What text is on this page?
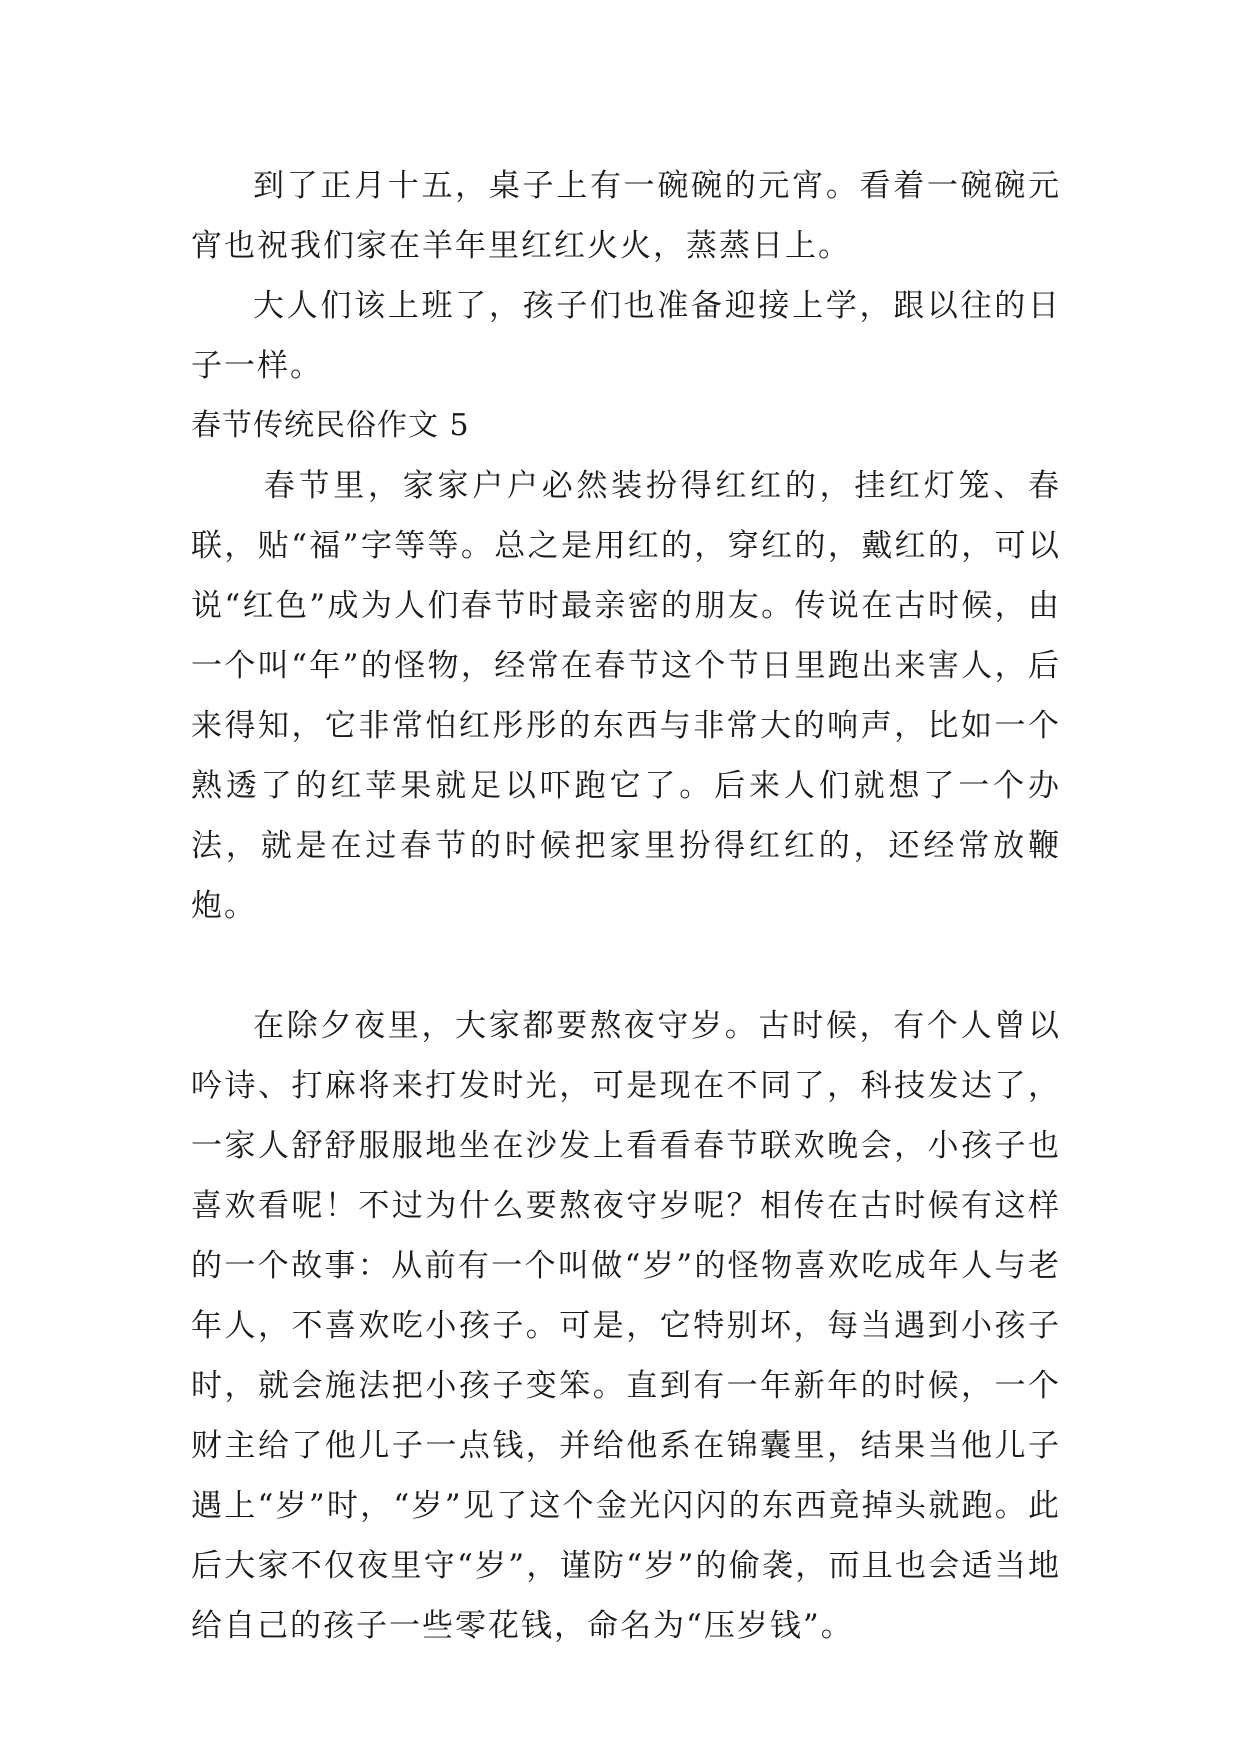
到了正月十五，桌子上有一碗碗的元宵。看着一碗碗元宵也祝我们家在羊年里红红火火，蒸蒸日上。

大人们该上班了，孩子们也准备迎接上学，跟以往的日子一样。

春节传统民俗作文 5

春节里，家家户户必然装扮得红红的，挂红灯笼、春联，贴“福”字等等。总之是用红的，穿红的，戴红的，可以说“红色”成为人们春节时最亲密的朋友。传说在古时候，由一个叫“年”的怪物，经常在春节这个节日里跑出来害人，后来得知，它非常怕红彤彤的东西与非常大的响声，比如一个熟透了的红苹果就足以吓跑它了。后来人们就想了一个办法，就是在过春节的时候把家里扮得红红的，还经常放鞭炮。

在除夕夜里，大家都要熬夜守岁。古时候，有个人曾以吟诗、打麻将来打发时光，可是现在不同了，科技发达了，一家人舒舒服服地坐在沙发上看看春节联欢晚会，小孩子也喜欢看呢！不过为什么要熬夜守岁呢？相传在古时候有这样的一个故事：从前有一个叫做“岁”的怪物喜欢吃成年人与老年人，不喜欢吃小孩子。可是，它特别坏，每当遇到小孩子时，就会施法把小孩子变笨。直到有一年新年的时候，一个财主给了他儿子一点钱，并给他系在锦囊里，结果当他儿子遇上“岁”时，“岁”见了这个金光闪闪的东西竟掉头就跑。此后大家不仅夜里守“岁”，谨防“岁”的偷袭，而且也会适当地给自己的孩子一些零花钱，命名为“压岁钱”。
